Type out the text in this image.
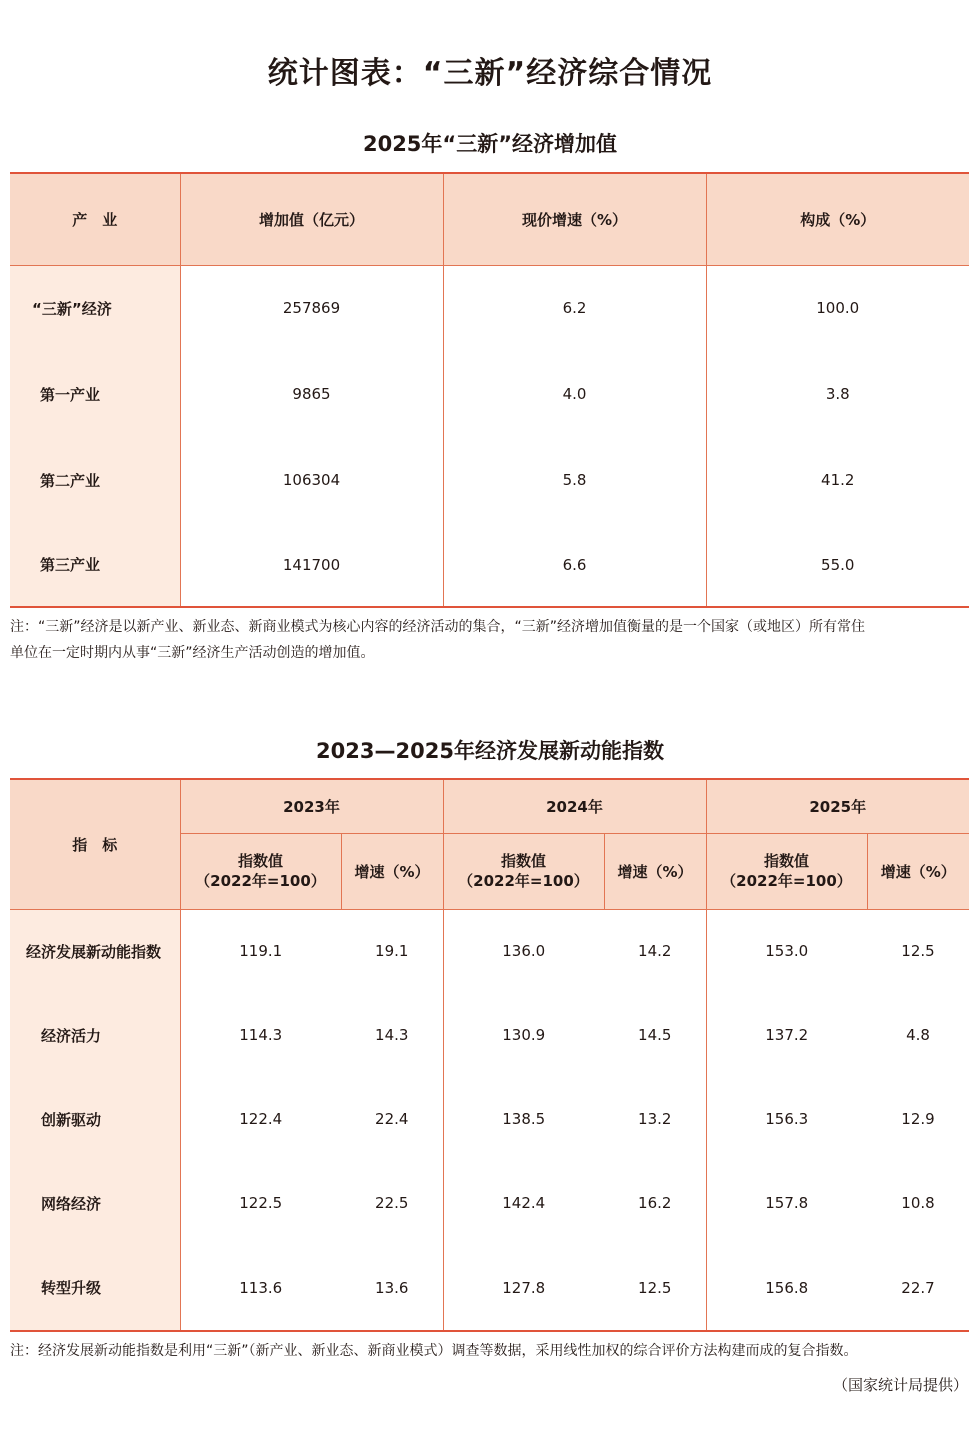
统计图表：“三新”经济综合情况
2025年“三新”经济增加值
产　业	增加值（亿元）	现价增速（%）	构成（%）
“三新”经济	257869	6.2	100.0
第一产业	9865	4.0	3.8
第二产业	106304	5.8	41.2
第三产业	141700	6.6	55.0

注：“三新”经济是以新产业、新业态、新商业模式为核心内容的经济活动的集合，“三新”经济增加值衡量的是一个国家（或地区）所有常住
单位在一定时期内从事“三新”经济生产活动创造的增加值。

2023—2025年经济发展新动能指数
指　标	2023年		2024年		2025年	
	指数值
（2022年=100）	增速（%）	指数值
（2022年=100）	增速（%）	指数值
（2022年=100）	增速（%）
经济发展新动能指数	119.1	19.1	136.0	14.2	153.0	12.5
经济活力	114.3	14.3	130.9	14.5	137.2	4.8
创新驱动	122.4	22.4	138.5	13.2	156.3	12.9
网络经济	122.5	22.5	142.4	16.2	157.8	10.8
转型升级	113.6	13.6	127.8	12.5	156.8	22.7

注：经济发展新动能指数是利用“三新”（新产业、新业态、新商业模式）调查等数据，采用线性加权的综合评价方法构建而成的复合指数。

（国家统计局提供）
